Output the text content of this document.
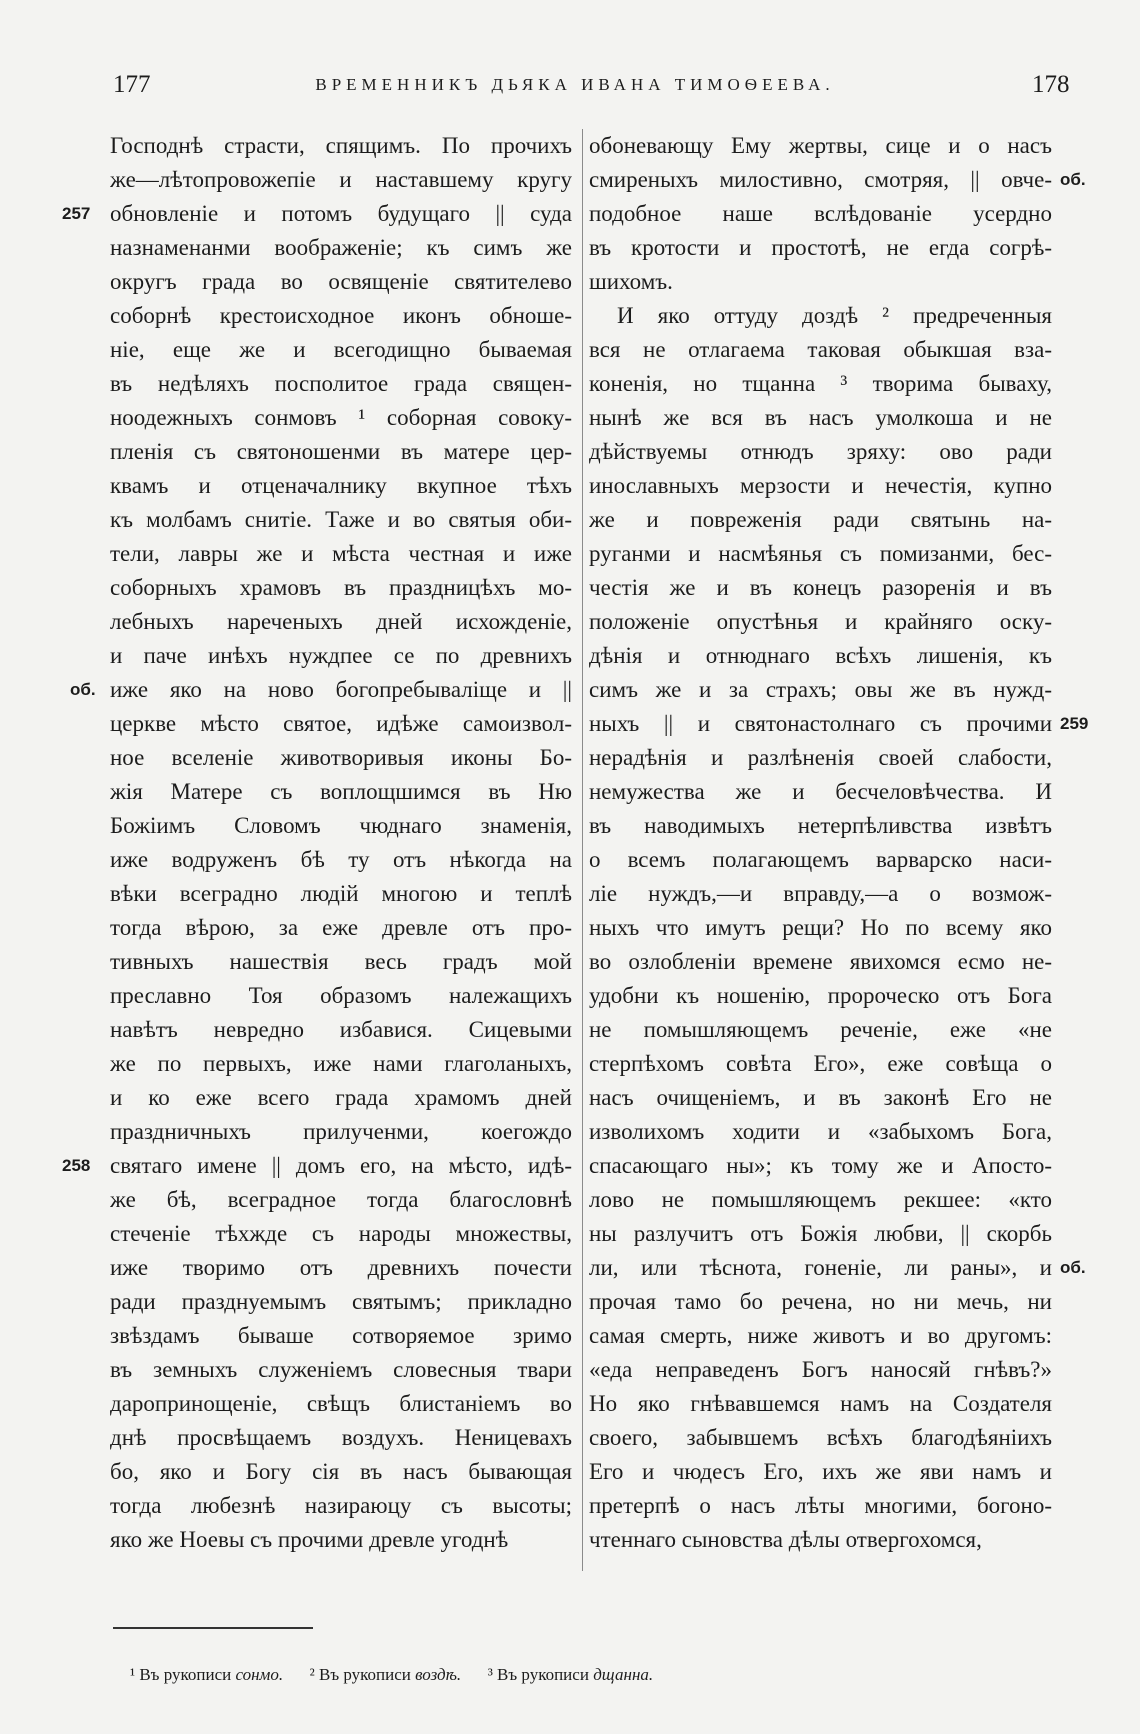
177	ВРЕМЕННИКЪ ДЬЯКА ИВАНА ТИМОѲЕЕВА.	178
Господнѣ страсти, спящимъ. По прочихъ
же—лѣтопровожепіе и наставшему кругу
обновленіе и потомъ будущаго || суда
назнаменанми воображеніе; къ симъ же
округъ града во освященіе святителево
соборнѣ крестоисходное иконъ обноше-
ніе, еще же и всегодищно бываемая
въ недѣляхъ посполитое града священ-
ноодежныхъ сонмовъ ¹ соборная совоку-
пленія съ святоношенми въ матере цер-
квамъ и отценачалнику вкупное тѣхъ
къ молбамъ снитіе. Таже и во святыя оби-
тели, лавры же и мѣста честная и иже
соборныхъ храмовъ въ праздницѣхъ мо-
лебныхъ нареченыхъ дней исхожденіе,
и паче инѣхъ нуждпее се по древнихъ
иже яко на ново богопребываліще и ||
церкве мѣсто святое, идѣже самоизвол-
ное вселеніе животворивыя иконы Бо-
жія Матере съ воплощшимся въ Ню
Божіимъ Словомъ чюднаго знаменія,
иже водруженъ бѣ ту отъ нѣкогда на
вѣки всеградно людій многою и теплѣ
тогда вѣрою, за еже древле отъ про-
тивныхъ нашествія весь градъ мой
преславно Тоя образомъ належащихъ
навѣтъ невредно избавися. Сицевыми
же по первыхъ, иже нами глаголаныхъ,
и ко еже всего града храмомъ дней
праздничныхъ прилученми, коегождо
святаго имене || домъ его, на мѣсто, идѣ-
же бѣ, всеградное тогда благословнѣ
стеченіе тѣхжде съ народы множествы,
иже творимо отъ древнихъ почести
ради празднуемымъ святымъ; прикладно
звѣздамъ бываше сотворяемое зримо
въ земныхъ служеніемъ словесныя твари
даропринощеніе, свѣщъ блистаніемъ во
днѣ просвѣщаемъ воздухъ. Неницевахъ
бо, яко и Богу сія въ насъ бывающая
тогда любезнѣ назираюцу съ высоты;
яко же Ноевы съ прочими древле угоднѣ
обоневающу Ему жертвы, сице и о насъ
смиреныхъ милостивно, смотряя, || овче-
подобное наше вслѣдованіе усердно
въ кротости и простотѣ, не егда согрѣ-
шихомъ.
И яко оттуду доздѣ ² предреченныя
вся не отлагаема таковая обыкшая вза-
коненія, но тщанна ³ творима бываху,
нынѣ же вся въ насъ умолкоша и не
дѣйствуемы отнюдъ зряху: ово ради
инославныхъ мерзости и нечестія, купно
же и повреженія ради святынь на-
руганми и насмѣянья съ помизанми, бес-
честія же и въ конецъ разоренія и въ
положеніе опустѣнья и крайняго оску-
дѣнія и отнюднаго всѣхъ лишенія, къ
симъ же и за страхъ; овы же въ нужд-
ныхъ || и святонастолнаго съ прочими
нерадѣнія и разлѣненія своей слабости,
немужества же и бесчеловѣчества. И
въ наводимыхъ нетерпѣливства извѣтъ
о всемъ полагающемъ варварско наси-
ліе нуждъ,—и вправду,—а о возмож-
ныхъ что имутъ рещи? Но по всему яко
во озлобленіи времене явихомся есмо не-
удобни къ ношенію, пророческо отъ Бога
не помышляющемъ реченіе, еже «не
стерпѣхомъ совѣта Его», еже совѣща о
насъ очищеніемъ, и въ законѣ Его не
изволихомъ ходити и «забыхомъ Бога,
спасающаго ны»; къ тому же и Апосто-
лово не помышляющемъ рекшее: «кто
ны разлучитъ отъ Божія любви, || скорбь
ли, или тѣснота, гоненіе, ли раны», и
прочая тамо бо речена, но ни мечь, ни
самая смерть, ниже животъ и во другомъ:
«еда неправеденъ Богъ наносяй гнѣвъ?»
Но яко гнѣвавшемся намъ на Создателя
своего, забывшемъ всѣхъ благодѣяніихъ
Его и чюдесъ Его, ихъ же яви намъ и
претерпѣ о насъ лѣты многими, богоно-
чтеннаго сыновства дѣлы отвергохомся,
257
об.
258
об.
259
об.
¹ Въ рукописи сонмо. ² Въ рукописи воздѣ. ³ Въ рукописи дщанна.
